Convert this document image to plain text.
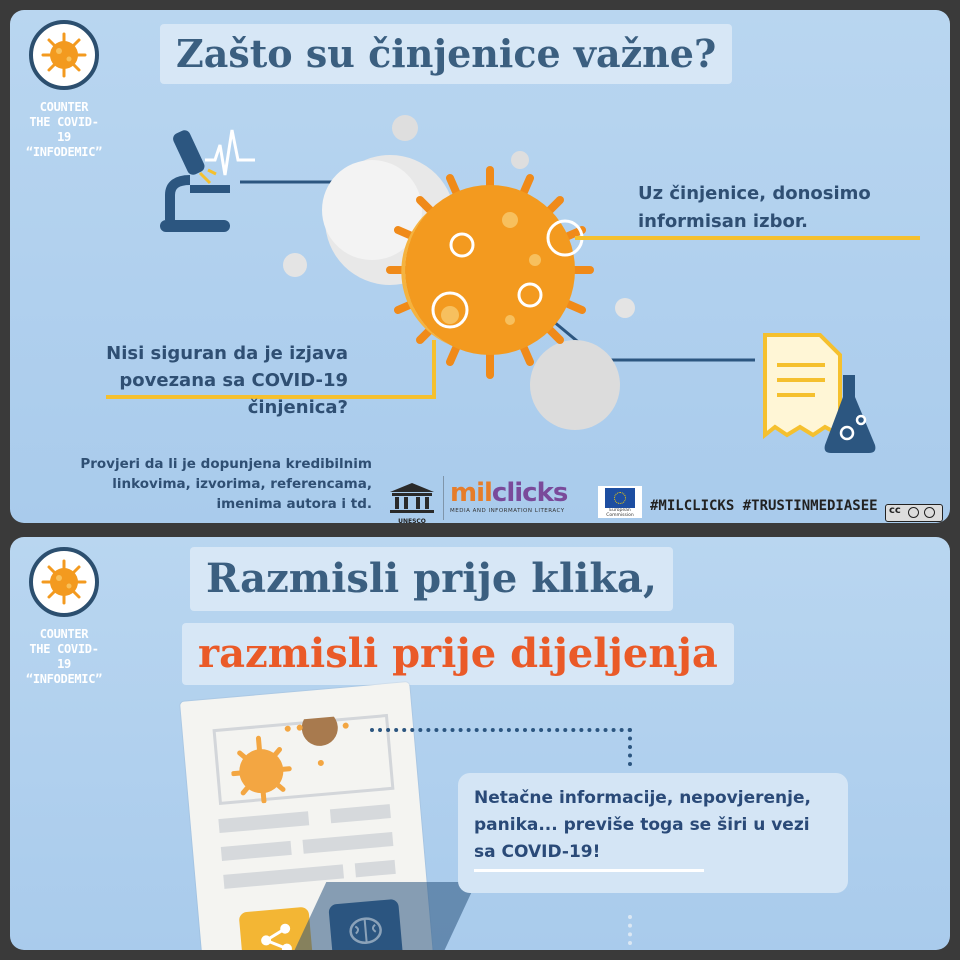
COUNTER
THE COVID-19
“INFODEMIC”
Zašto su činjenice važne?
Uz činjenice, donosimo
informisan izbor.
Nisi siguran da je izjava
povezana sa COVID-19
činjenica?
Provjeri da li je dopunjena kredibilnim
linkovima, izvorima, referencama,
imenima autora i td.
UNESCO
milclicks
MEDIA AND INFORMATION LITERACY	European Commission
#MILCLICKS #TRUSTINMEDIASEE cc
COUNTER
THE COVID-19
“INFODEMIC”
Razmisli prije klika,
razmisli prije dijeljenja
Netačne informacije, nepovjerenje,
panika... previše toga se širi u vezi
sa COVID-19!
